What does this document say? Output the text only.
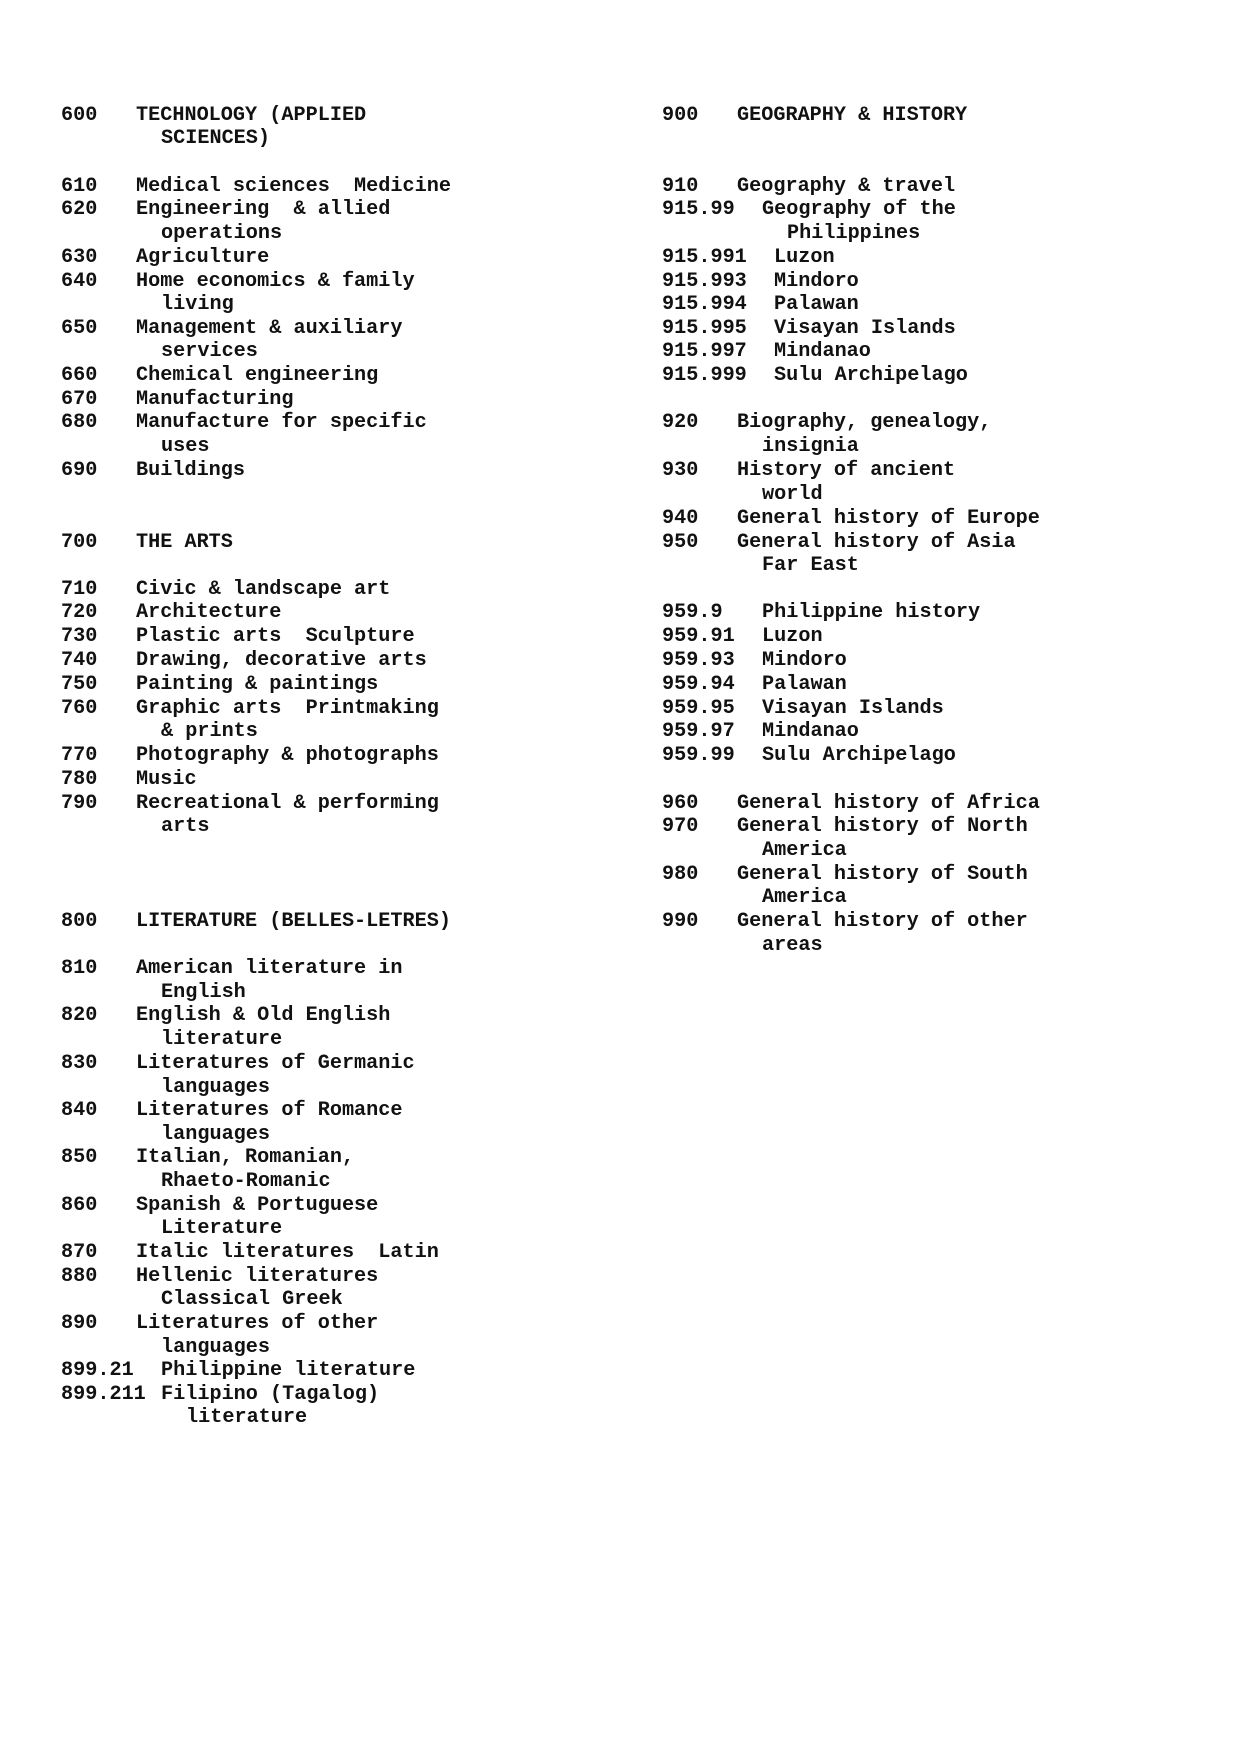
600

TECHNOLOGY (APPLIED

SCIENCES)

610

Medical sciences  Medicine

620

Engineering  & allied

operations

630

Agriculture

640

Home economics & family

living

650

Management & auxiliary

services

660

Chemical engineering

670

Manufacturing

680

Manufacture for specific

uses

690

Buildings

700

THE ARTS

710

Civic & landscape art

720

Architecture

730

Plastic arts  Sculpture

740

Drawing, decorative arts

750

Painting & paintings

760

Graphic arts  Printmaking

& prints

770

Photography & photographs

780

Music

790

Recreational & performing

arts

800

LITERATURE (BELLES-LETRES)

810

American literature in

English

820

English & Old English

literature

830

Literatures of Germanic

languages

840

Literatures of Romance

languages

850

Italian, Romanian,

Rhaeto-Romanic

860

Spanish & Portuguese

Literature

870

Italic literatures  Latin

880

Hellenic literatures

Classical Greek

890

Literatures of other

languages

899.21

Philippine literature

899.211

Filipino (Tagalog)

literature

900

GEOGRAPHY & HISTORY

910

Geography & travel

915.99

Geography of the

Philippines

915.991

Luzon

915.993

Mindoro

915.994

Palawan

915.995

Visayan Islands

915.997

Mindanao

915.999

Sulu Archipelago

920

Biography, genealogy,

insignia

930

History of ancient

world

940

General history of Europe

950

General history of Asia

Far East

959.9

Philippine history

959.91

Luzon

959.93

Mindoro

959.94

Palawan

959.95

Visayan Islands

959.97

Mindanao

959.99

Sulu Archipelago

960

General history of Africa

970

General history of North

America

980

General history of South

America

990

General history of other

areas
